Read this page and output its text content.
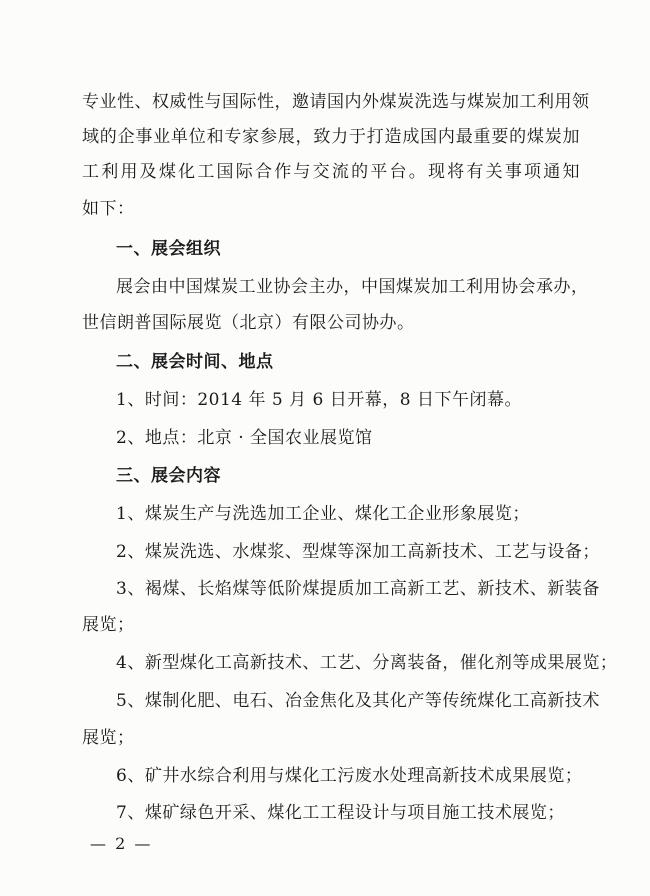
专业性、权威性与国际性，邀请国内外煤炭洗选与煤炭加工利用领
域的企事业单位和专家参展，致力于打造成国内最重要的煤炭加
工利用及煤化工国际合作与交流的平台。现将有关事项通知
如下：
一、展会组织
展会由中国煤炭工业协会主办，中国煤炭加工利用协会承办，
世信朗普国际展览（北京）有限公司协办。
二、展会时间、地点
1、时间：2014 年 5 月 6 日开幕，8 日下午闭幕。
2、地点：北京 · 全国农业展览馆
三、展会内容
1、煤炭生产与洗选加工企业、煤化工企业形象展览；
2、煤炭洗选、水煤浆、型煤等深加工高新技术、工艺与设备；
3、褐煤、长焰煤等低阶煤提质加工高新工艺、新技术、新装备
展览；
4、新型煤化工高新技术、工艺、分离装备，催化剂等成果展览；
5、煤制化肥、电石、冶金焦化及其化产等传统煤化工高新技术
展览；
6、矿井水综合利用与煤化工污废水处理高新技术成果展览；
7、煤矿绿色开采、煤化工工程设计与项目施工技术展览；
— 2 —
